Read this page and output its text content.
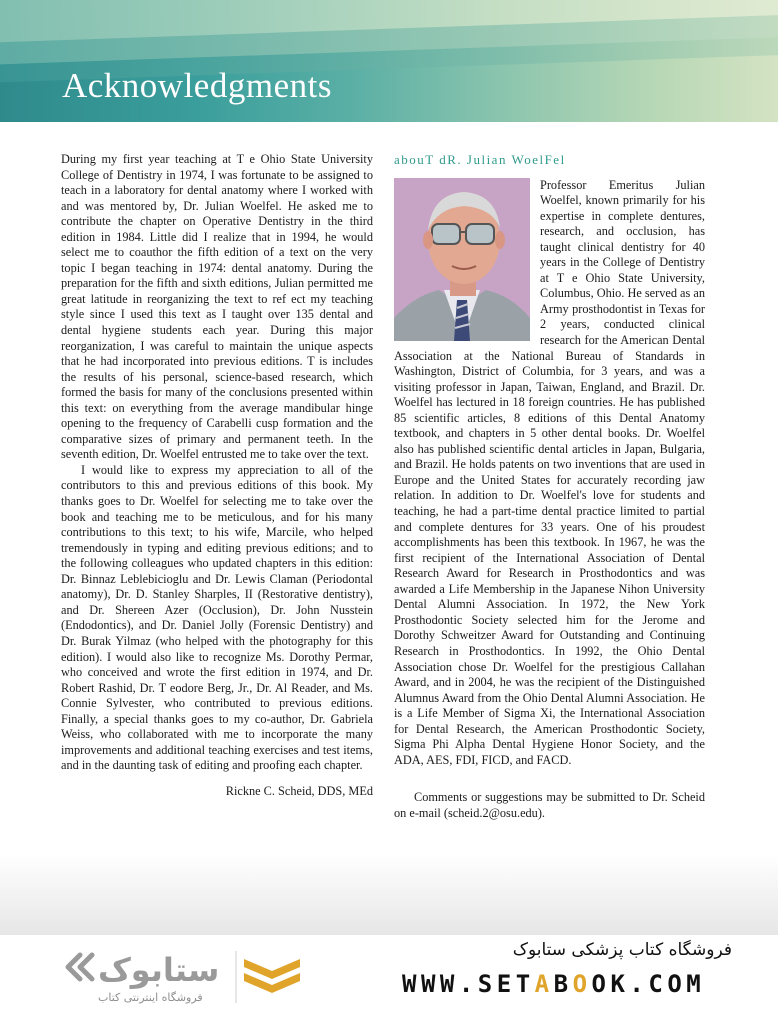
Acknowledgments

During my first year teaching at T e Ohio State University College of Dentistry in 1974, I was fortunate to be assigned to teach in a laboratory for dental anatomy where I worked with and was mentored by, Dr. Julian Woelfel. He asked me to contribute the chapter on Operative Dentistry in the third edition in 1984. Little did I realize that in 1994, he would select me to coauthor the fifth edition of a text on the very topic I began teaching in 1974: dental anatomy. During the preparation for the fifth and sixth editions, Julian permitted me great latitude in reorganizing the text to ref ect my teaching style since I used this text as I taught over 135 dental and dental hygiene students each year. During this major reorganization, I was careful to maintain the unique aspects that he had incorporated into previous editions. T is includes the results of his personal, science-based research, which formed the basis for many of the conclusions presented within this text: on everything from the average mandibular hinge opening to the frequency of Carabelli cusp formation and the comparative sizes of primary and permanent teeth. In the seventh edition, Dr. Woelfel entrusted me to take over the text.

I would like to express my appreciation to all of the contributors to this and previous editions of this book. My thanks goes to Dr. Woelfel for selecting me to take over the book and teaching me to be meticulous, and for his many contributions to this text; to his wife, Marcile, who helped tremendously in typing and editing previous editions; and to the following colleagues who updated chapters in this edition: Dr. Binnaz Leblebicioglu and Dr. Lewis Claman (Periodontal anatomy), Dr. D. Stanley Sharples, II (Restorative dentistry), and Dr. Shereen Azer (Occlusion), Dr. John Nusstein (Endodontics), and Dr. Daniel Jolly (Forensic Dentistry) and Dr. Burak Yilmaz (who helped with the photography for this edition). I would also like to recognize Ms. Dorothy Permar, who conceived and wrote the first edition in 1974, and Dr. Robert Rashid, Dr. T eodore Berg, Jr., Dr. Al Reader, and Ms. Connie Sylvester, who contributed to previous editions. Finally, a special thanks goes to my co-author, Dr. Gabriela Weiss, who collaborated with me to incorporate the many improvements and additional teaching exercises and test items, and in the daunting task of editing and proofing each chapter.

Rickne C. Scheid, DDS, MEd

abouT dR. Julian WoelFel

Professor Emeritus Julian Woelfel, known primarily for his expertise in complete dentures, research, and occlusion, has taught clinical dentistry for 40 years in the College of Dentistry at T e Ohio State University, Columbus, Ohio. He served as an Army prosthodontist in Texas for 2 years, conducted clinical research for the American Dental Association at the National Bureau of Standards in Washington, District of Columbia, for 3 years, and was a visiting professor in Japan, Taiwan, England, and Brazil. Dr. Woelfel has lectured in 18 foreign countries. He has published 85 scientific articles, 8 editions of this Dental Anatomy textbook, and chapters in 5 other dental books. Dr. Woelfel also has published scientific dental articles in Japan, Bulgaria, and Brazil. He holds patents on two inventions that are used in Europe and the United States for accurately recording jaw relation. In addition to Dr. Woelfel's love for students and teaching, he had a part-time dental practice limited to partial and complete dentures for 33 years. One of his proudest accomplishments has been this textbook. In 1967, he was the first recipient of the International Association of Dental Research Award for Research in Prosthodontics and was awarded a Life Membership in the Japanese Nihon University Dental Alumni Association. In 1972, the New York Prosthodontic Society selected him for the Jerome and Dorothy Schweitzer Award for Outstanding and Continuing Research in Prosthodontics. In 1992, the Ohio Dental Association chose Dr. Woelfel for the prestigious Callahan Award, and in 2004, he was the recipient of the Distinguished Alumnus Award from the Ohio Dental Alumni Association. He is a Life Member of Sigma Xi, the International Association for Dental Research, the American Prosthodontic Society, Sigma Phi Alpha Dental Hygiene Honor Society, and the ADA, AES, FDI, FICD, and FACD.

Comments or suggestions may be submitted to Dr. Scheid on e-mail (scheid.2@osu.edu).

ستابوک
فروشگاه اینترنتی کتاب
فروشگاه کتاب پزشکی ستابوک
WWW.SETABOOK.COM
